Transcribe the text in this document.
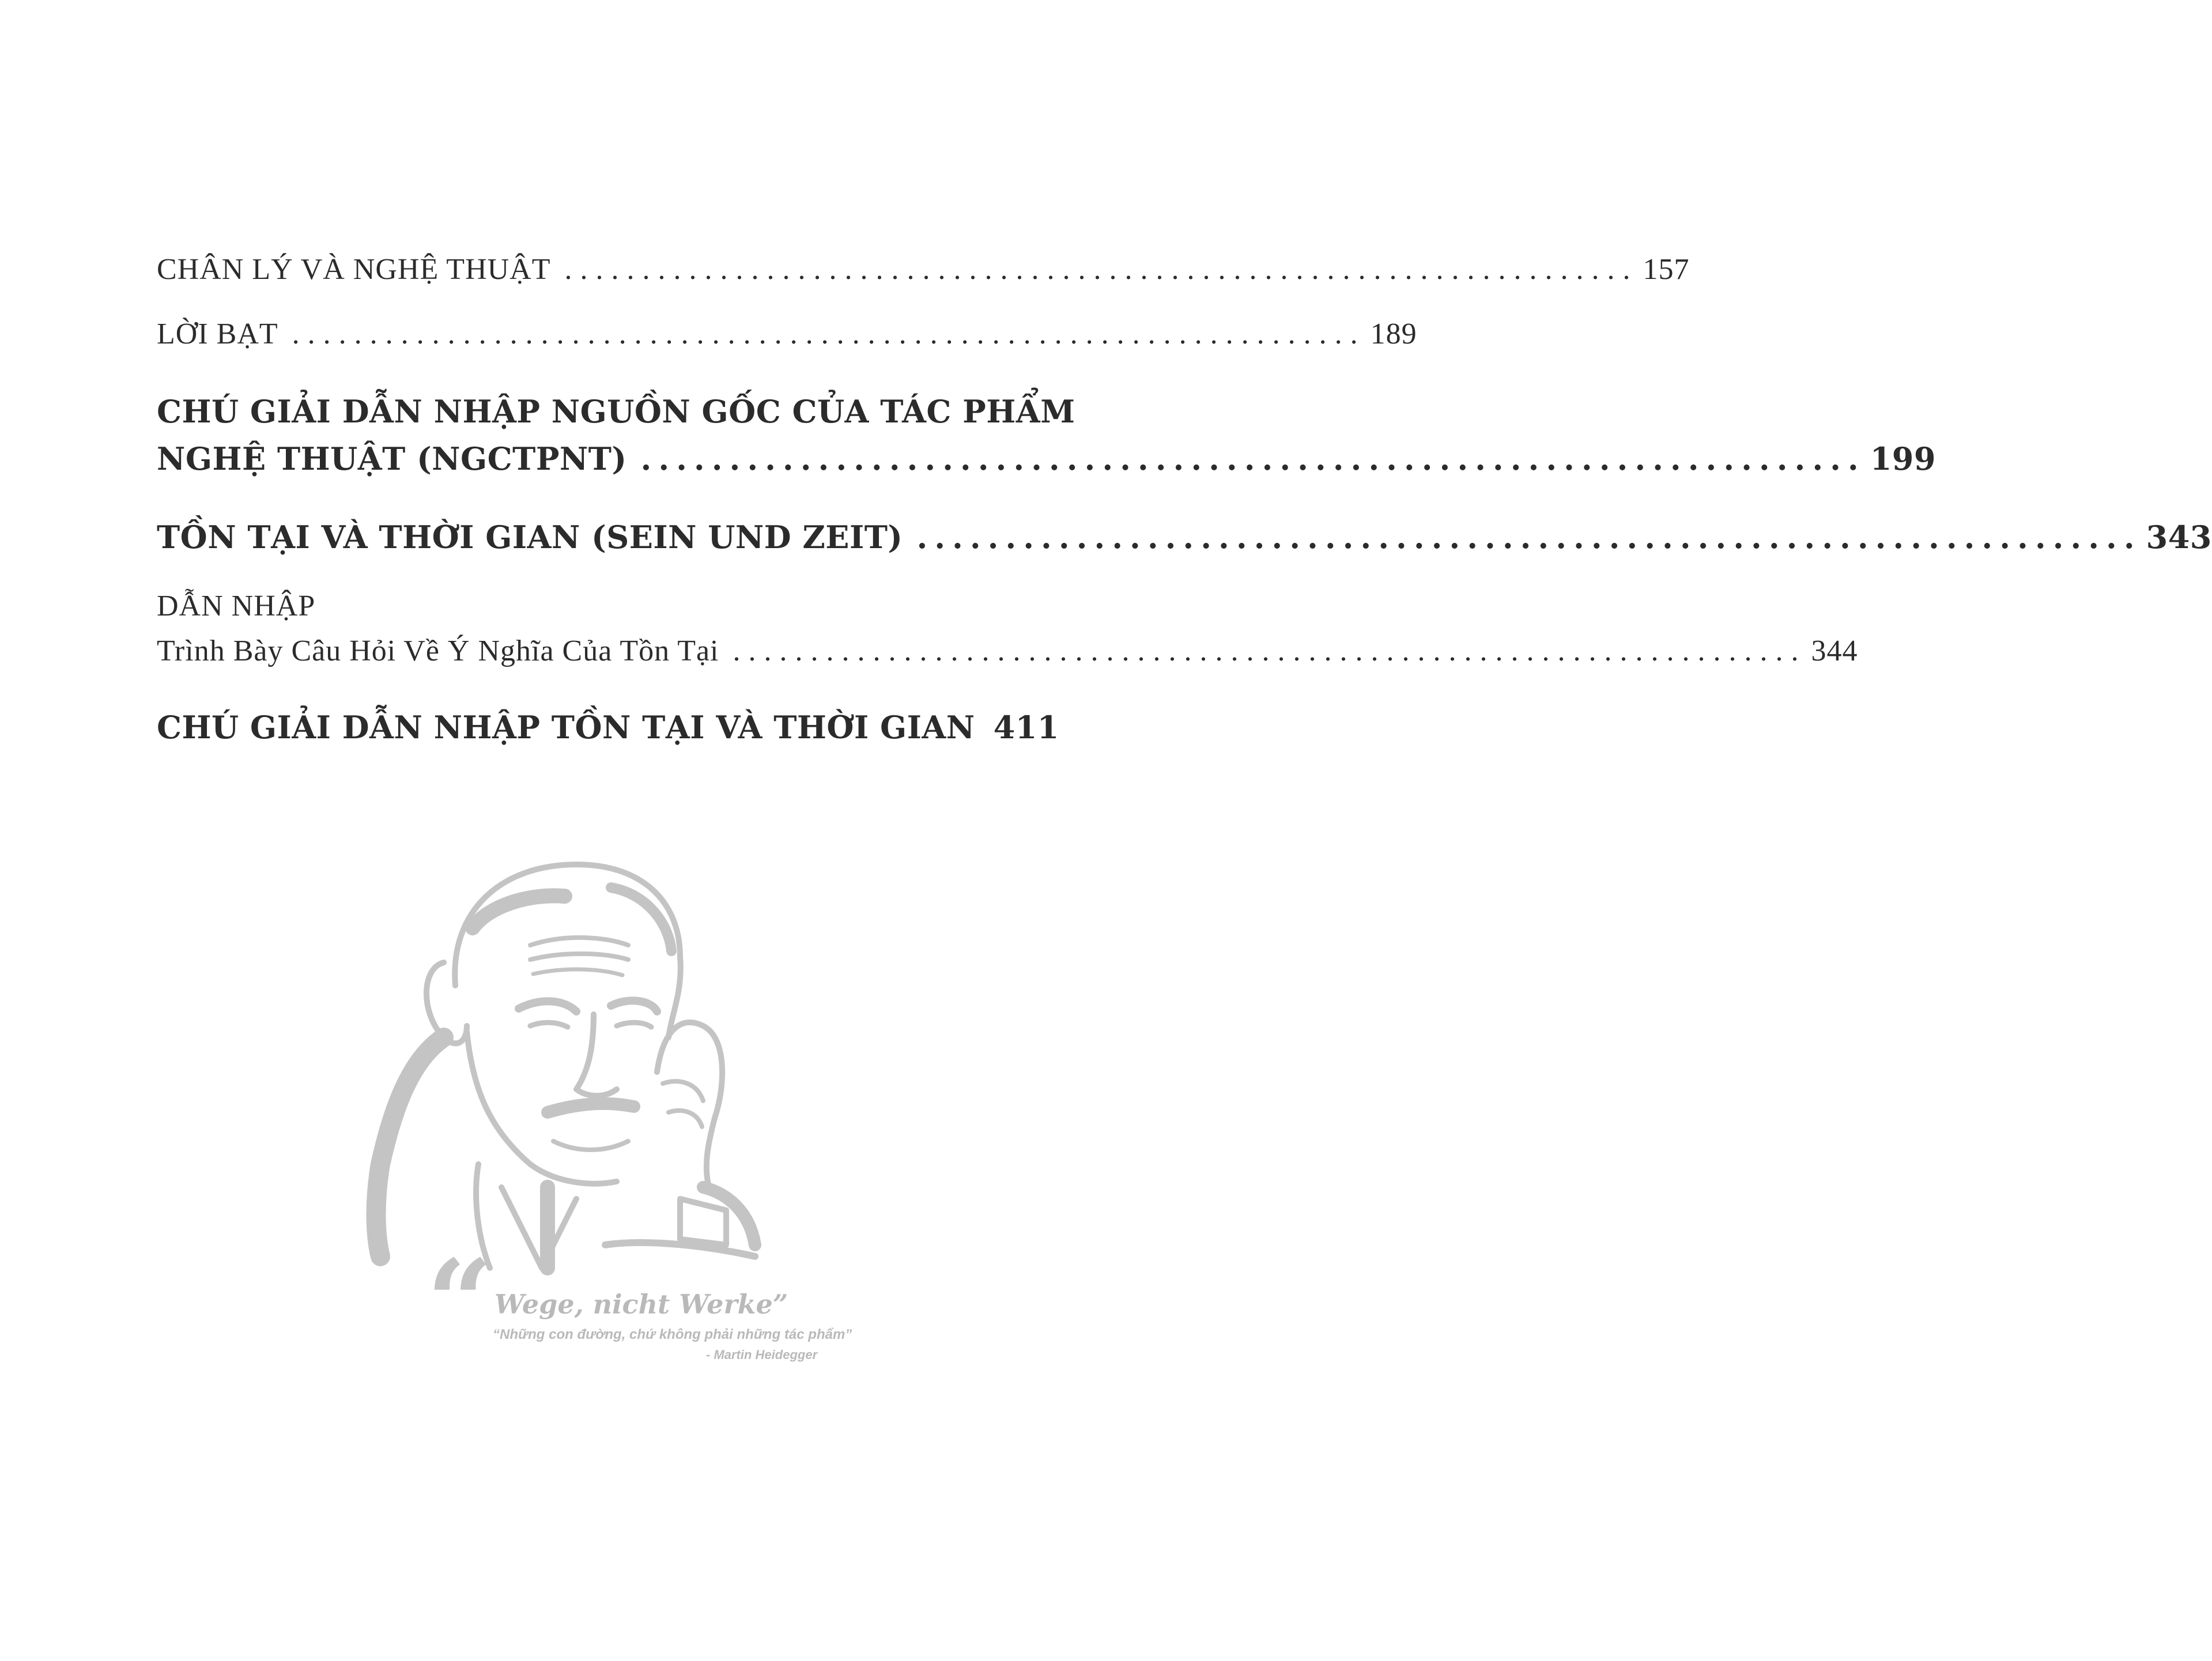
CHÂN LÝ VÀ NGHỆ THUẬT ..................................................................... 157
LỜI BẠT ..................................................................... 189
CHÚ GIẢI DẪN NHẬP NGUỒN GỐC CỦA TÁC PHẨM
NGHỆ THUẬT (NGCTPNT) ..................................................................... 199
TỒN TẠI VÀ THỜI GIAN (SEIN UND ZEIT) ..................................................................... 343
DẪN NHẬP
Trình Bày Câu Hỏi Về Ý Nghĩa Của Tồn Tại ..................................................................... 344
CHÚ GIẢI DẪN NHẬP TỒN TẠI VÀ THỜI GIAN 411
“ Wege, nicht Werke”
“Những con đường, chứ không phải những tác phẩm”
- Martin Heidegger
